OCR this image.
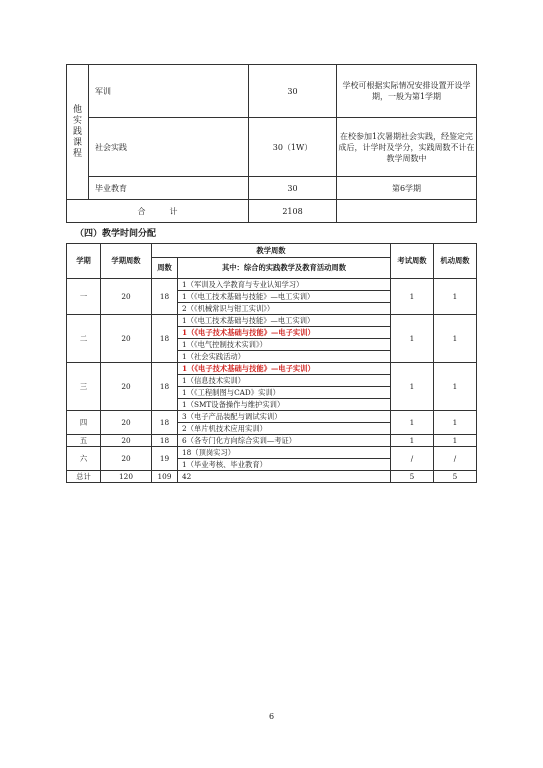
他
实
践
课
程	军训	30	学校可根据实际情况安排设置开设学期，一般为第1学期
	社会实践	30（1W）	在校参加1次暑期社会实践，经鉴定完成后，计学时及学分，实践周数不计在教学周数中
	毕业教育	30	第6学期
合　　　计		2108	
（四）教学时间分配
学期	学期周数	教学周数		考试周数	机动周数
		周数	其中：综合的实践教学及教育活动周数		
一	20	18	1（军训及入学教育与专业认知学习）	1	1
			1（《电工技术基础与技能》—电工实训）		
			2（《机械常识与钳工实训》）		
二	20	18	1（《电工技术基础与技能》—电工实训）	1	1
			1（《电子技术基础与技能》—电子实训）		
			1（《电气控制技术实训》）		
			1（社会实践活动）		
三	20	18	1（《电子技术基础与技能》—电子实训）	1	1
			1（信息技术实训）		
			1（《工程制图与CAD》实训）		
			1（SMT设备操作与维护实训）		
四	20	18	3（电子产品装配与调试实训）	1	1
			2（单片机技术应用实训）		
五	20	18	6（各专门化方向综合实训—考证）	1	1
六	20	19	18（顶岗实习）	/	/
			1（毕业考核、毕业教育）		
总计	120	109	42	5	5
6
